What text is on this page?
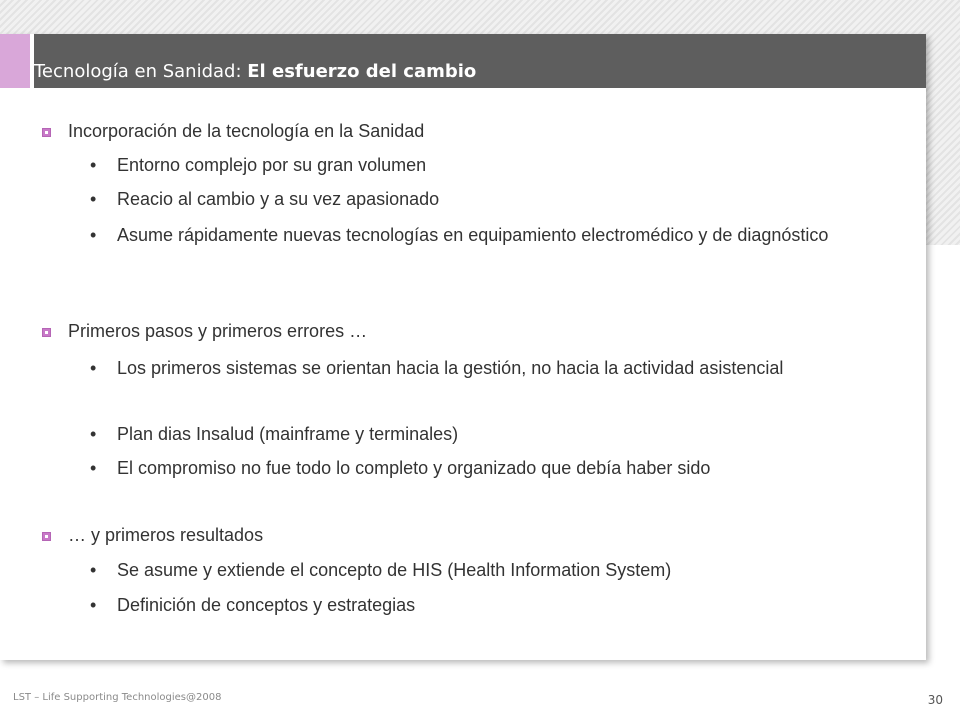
Tecnología en Sanidad: El esfuerzo del cambio
Incorporación de la tecnología en la Sanidad
• Entorno complejo por su gran volumen
• Reacio al cambio y a su vez apasionado
• Asume rápidamente nuevas tecnologías en equipamiento electromédico y de diagnóstico
Primeros pasos y primeros errores …
• Los primeros sistemas se orientan hacia la gestión, no hacia la actividad asistencial
• Plan dias Insalud (mainframe y terminales)
• El compromiso no fue todo lo completo y organizado que debía haber sido
… y primeros resultados
• Se asume y extiende el concepto de HIS (Health Information System)
• Definición de conceptos y estrategias
LST – Life Supporting Technologies@2008	30
